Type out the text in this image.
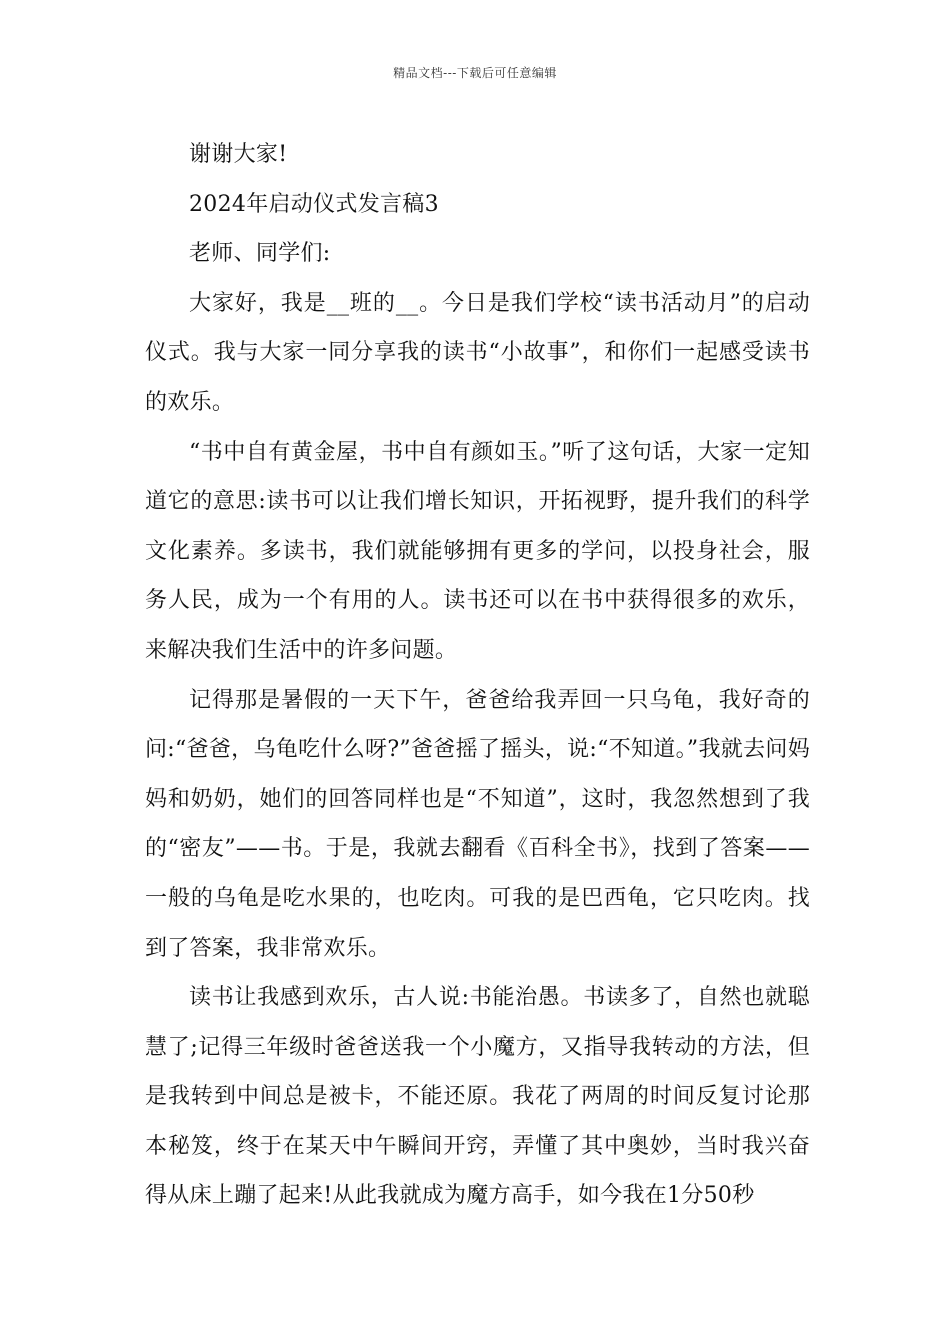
精品文档---下载后可任意编辑

谢谢大家!

2024年启动仪式发言稿3

老师、同学们:

大家好，我是__班的__。今日是我们学校“读书活动月”的启动仪式。我与大家一同分享我的读书“小故事”，和你们一起感受读书的欢乐。

“书中自有黄金屋，书中自有颜如玉。”听了这句话，大家一定知道它的意思:读书可以让我们增长知识，开拓视野，提升我们的科学文化素养。多读书，我们就能够拥有更多的学问，以投身社会，服务人民，成为一个有用的人。读书还可以在书中获得很多的欢乐，来解决我们生活中的许多问题。

记得那是暑假的一天下午，爸爸给我弄回一只乌龟，我好奇的问:“爸爸，乌龟吃什么呀?”爸爸摇了摇头，说:“不知道。”我就去问妈妈和奶奶，她们的回答同样也是“不知道”，这时，我忽然想到了我的“密友”——书。于是，我就去翻看《百科全书》，找到了答案——一般的乌龟是吃水果的，也吃肉。可我的是巴西龟，它只吃肉。找到了答案，我非常欢乐。

读书让我感到欢乐，古人说:书能治愚。书读多了，自然也就聪慧了;记得三年级时爸爸送我一个小魔方，又指导我转动的方法，但是我转到中间总是被卡，不能还原。我花了两周的时间反复讨论那本秘笈，终于在某天中午瞬间开窍，弄懂了其中奥妙，当时我兴奋得从床上蹦了起来!从此我就成为魔方高手，如今我在1分50秒
